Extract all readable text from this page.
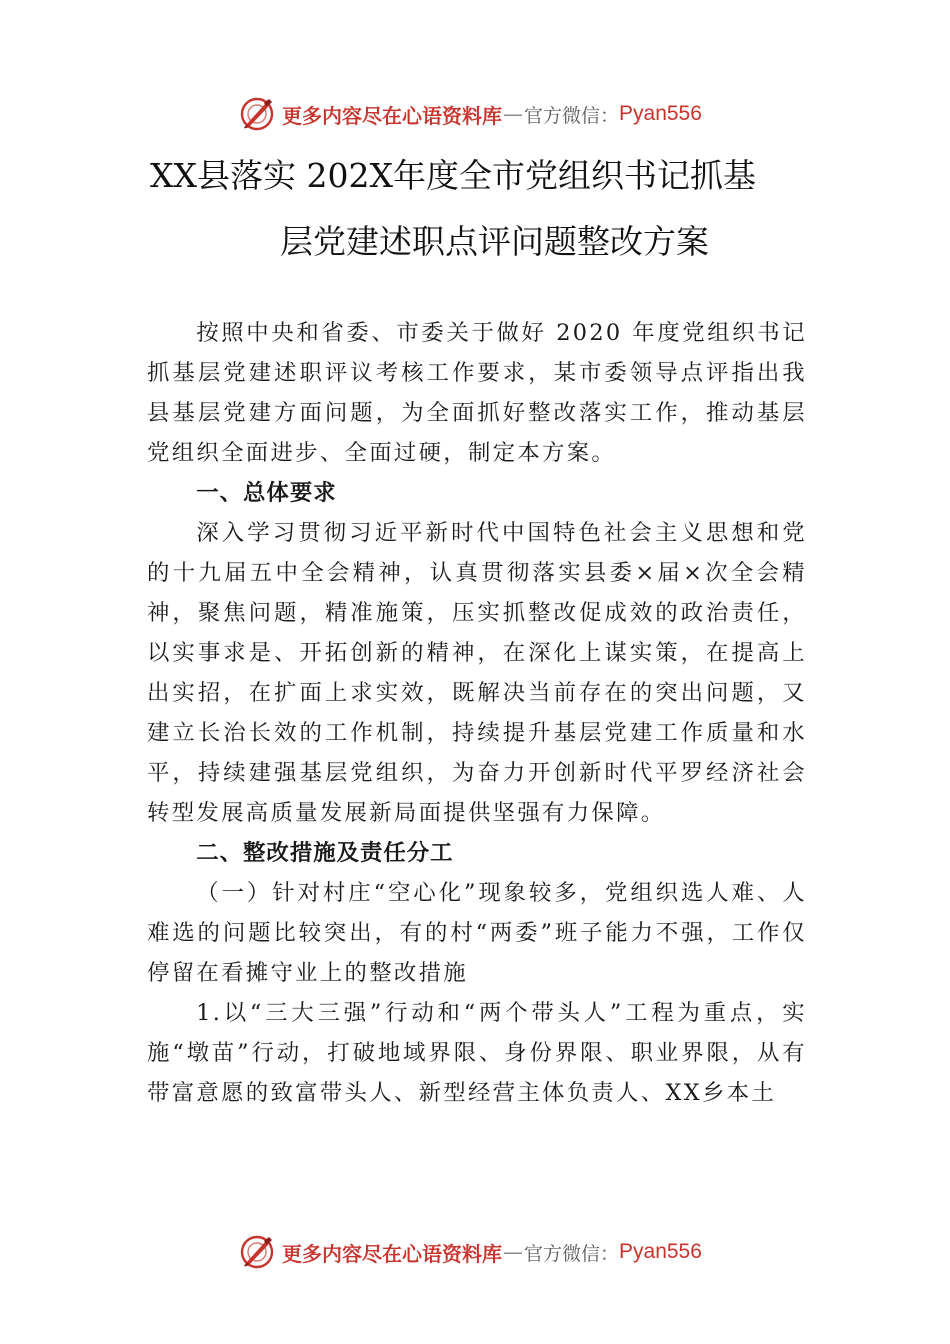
更多内容尽在心语资料库 — 官方微信： Pyan556
XX县落实 202X年度全市党组织书记抓基
层党建述职点评问题整改方案

按照中央和省委、市委关于做好 2020 年度党组织书记抓基层党建述职评议考核工作要求，某市委领导点评指出我县基层党建方面问题，为全面抓好整改落实工作，推动基层党组织全面进步、全面过硬，制定本方案。

一、总体要求

深入学习贯彻习近平新时代中国特色社会主义思想和党的十九届五中全会精神，认真贯彻落实县委×届×次全会精神，聚焦问题，精准施策，压实抓整改促成效的政治责任，以实事求是、开拓创新的精神，在深化上谋实策，在提高上出实招，在扩面上求实效，既解决当前存在的突出问题，又建立长治长效的工作机制，持续提升基层党建工作质量和水平，持续建强基层党组织，为奋力开创新时代平罗经济社会转型发展高质量发展新局面提供坚强有力保障。

二、整改措施及责任分工

（一）针对村庄“空心化”现象较多，党组织选人难、人难选的问题比较突出，有的村“两委”班子能力不强，工作仅停留在看摊守业上的整改措施

1.以“三大三强”行动和“两个带头人”工程为重点，实施“墩苗”行动，打破地域界限、身份界限、职业界限，从有带富意愿的致富带头人、新型经营主体负责人、XX乡本土

更多内容尽在心语资料库 — 官方微信： Pyan556
